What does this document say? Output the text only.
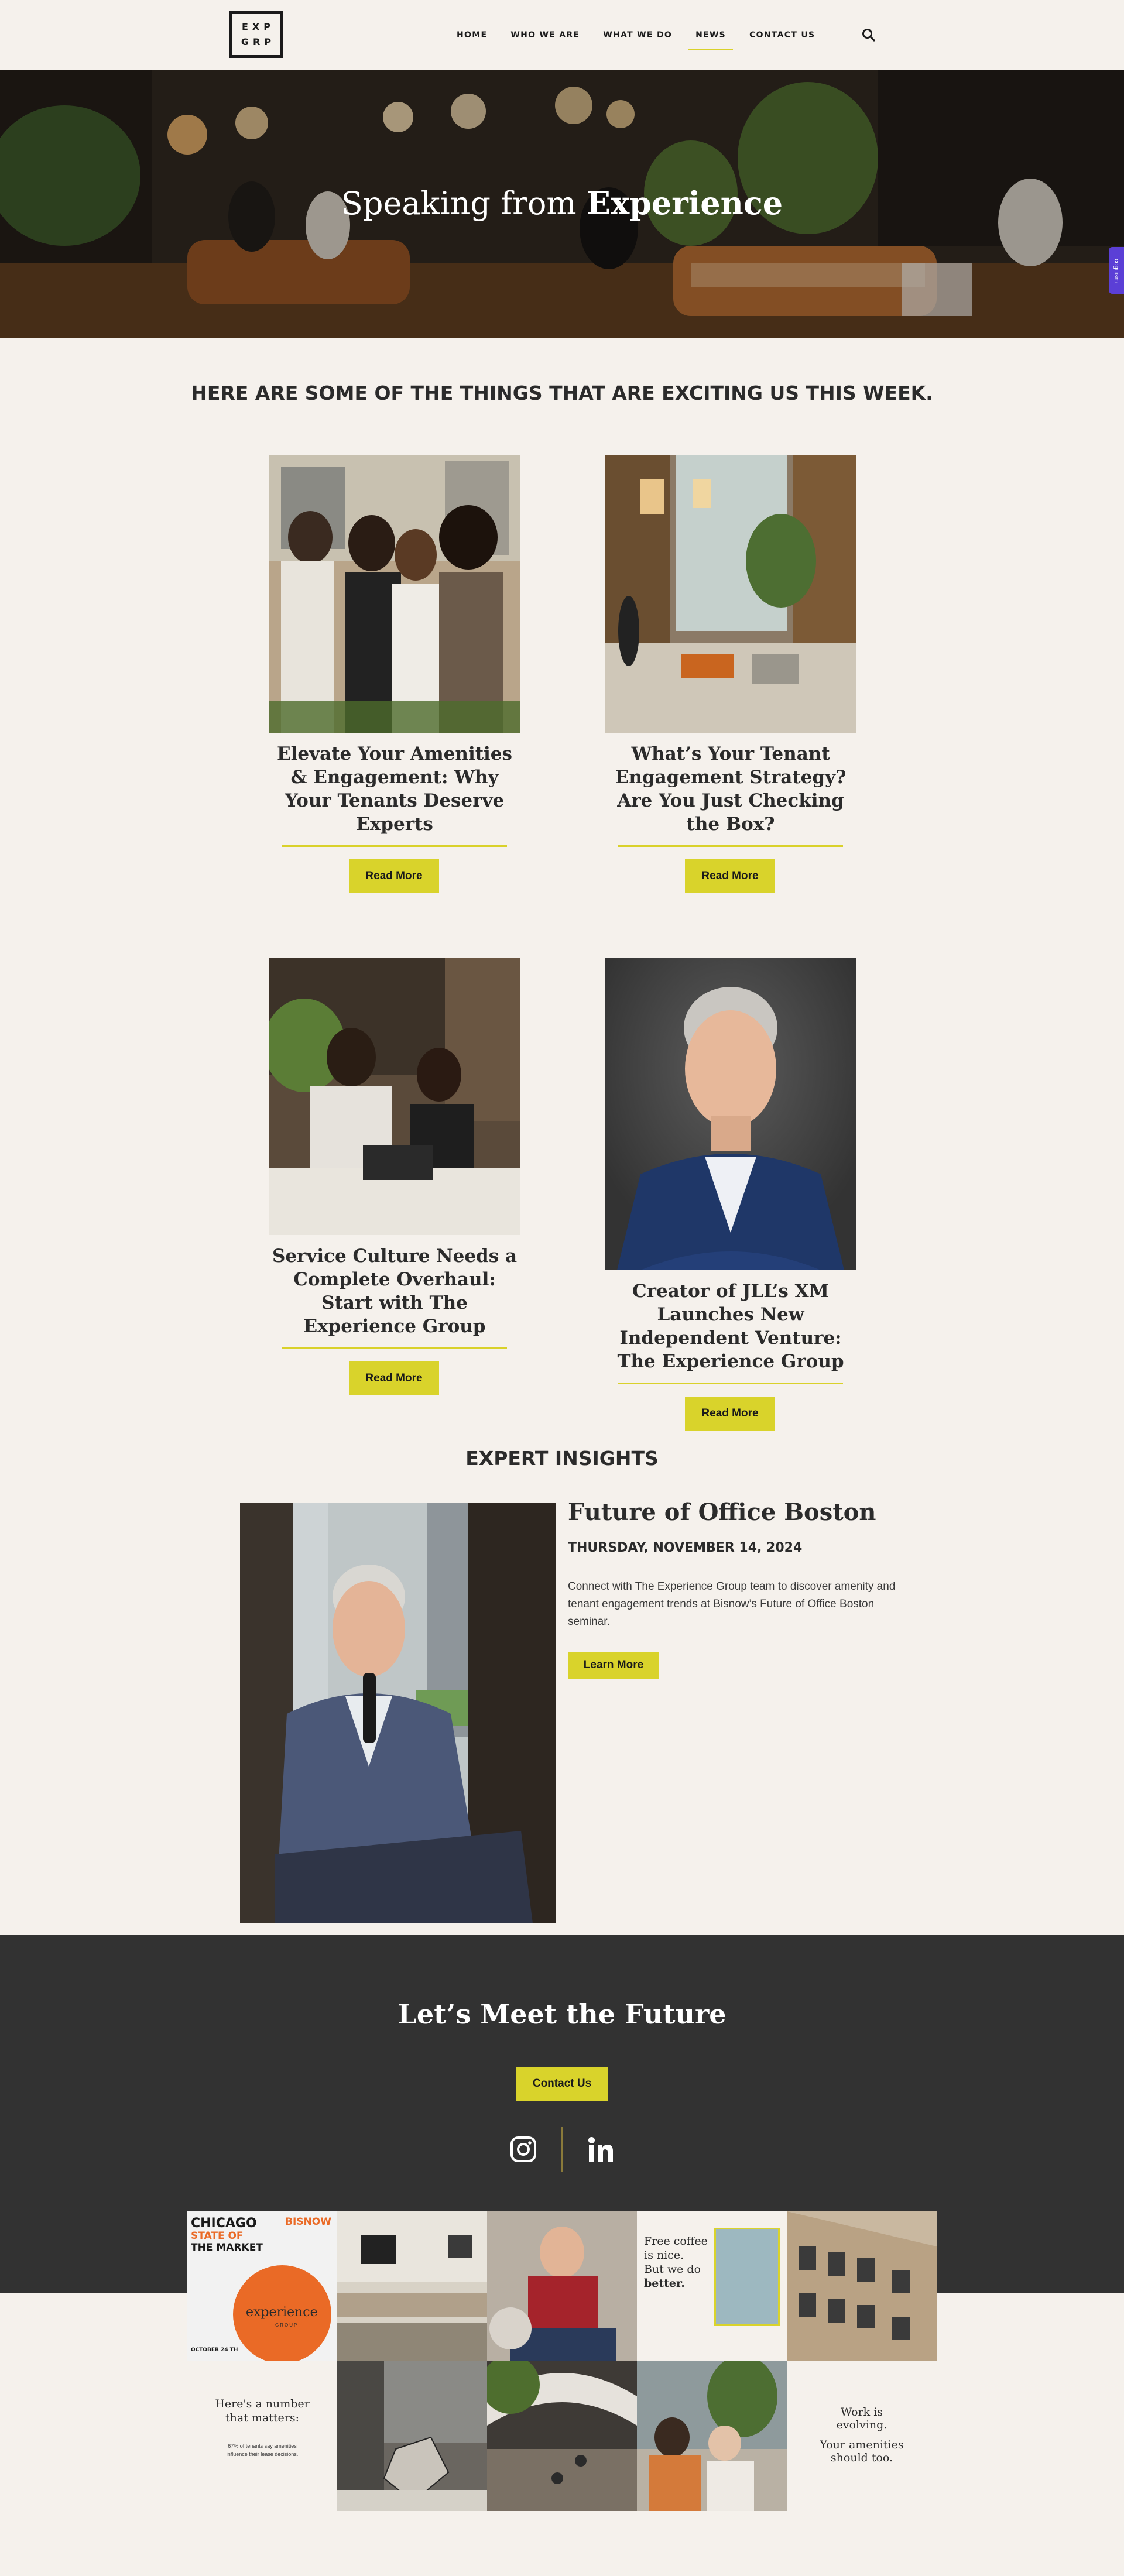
EXP
GRP
HOME	WHO WE ARE	WHAT WE DO	NEWS	CONTACT US
Speaking from Experience
cognism
HERE ARE SOME OF THE THINGS THAT ARE EXCITING US THIS WEEK.
Elevate Your Amenities & Engagement: Why Your Tenants Deserve Experts
Read More
What’s Your Tenant Engagement Strategy? Are You Just Checking the Box?
Read More
Service Culture Needs a Complete Overhaul: Start with The Experience Group
Read More
Creator of JLL’s XM Launches New Independent Venture: The Experience Group
Read More
EXPERT INSIGHTS
Future of Office Boston
THURSDAY, NOVEMBER 14, 2024

Connect with The Experience Group team to discover amenity and tenant engagement trends at Bisnow’s Future of Office Boston seminar.

Learn More
Let’s Meet the Future
Contact Us
CHICAGO
STATE OF
THE MARKET
BISNOW
experience
GROUP
OCTOBER 24 TH
Free coffee
is nice.
But we do
better.
Here's a number
that matters:
67% of tenants say amenities
influence their lease decisions.
Work is
evolving.
Your amenities
should too.
